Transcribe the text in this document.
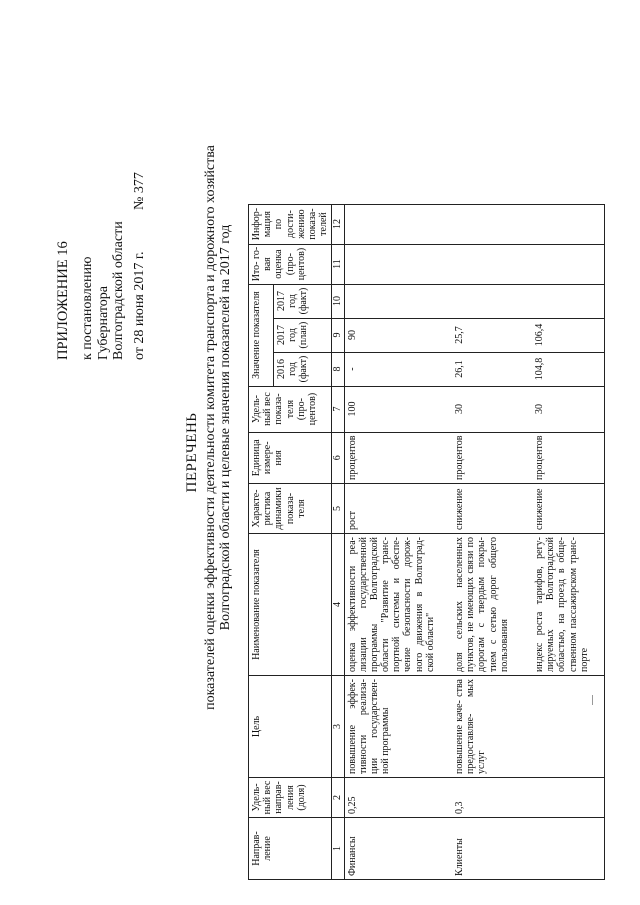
ПРИЛОЖЕНИЕ 16 к постановлению Губернатора Волгоградской области от 28 июня 2017 г. № 377
ПЕРЕЧЕНЬ показателей оценки эффективности деятельности комитета транспорта и дорожного хозяйства Волгоградской области и целевые значения показателей на 2017 год
Направ- ление	Удель- ный вес направ- ления (доля)	Цель	Наименование показателя	Характе- ристика динамики показа- теля	Единица измере- ния	Удель- ный вес показа- теля (про- центов)	Значение показателя			Ито- го- вая оценка (про- центов)	Инфор- мация по дости- жению показа- телей
							2016 год (факт)	2017 год (план)	2017 год (факт)		
1	2	3	4	5	6	7	8	9	10	11	12
Финансы	0,25	повышение эффек- тивности реализа- ции государствен- ной программы	оценка эффективности реа- лизации государственной программы Волгоградской области "Развитие транс- портной системы и обеспе- чение безопасности дорож- ного движения в Волгоград- ской области"	рост	процентов	100	-	90			
Клиенты	0,3	повышение каче- ства предоставляе- мых услуг	доля сельских населенных пунктов, не имеющих связи по дорогам с твердым покры- тием с сетью дорог общего пользования	снижение	процентов	30	26,1	25,7			
			индекс роста тарифов, регу- лируемых Волгоградской областью, на проезд в обще- ственном пассажирском транс- порте	снижение	процентов	30	104,8	106,4			
